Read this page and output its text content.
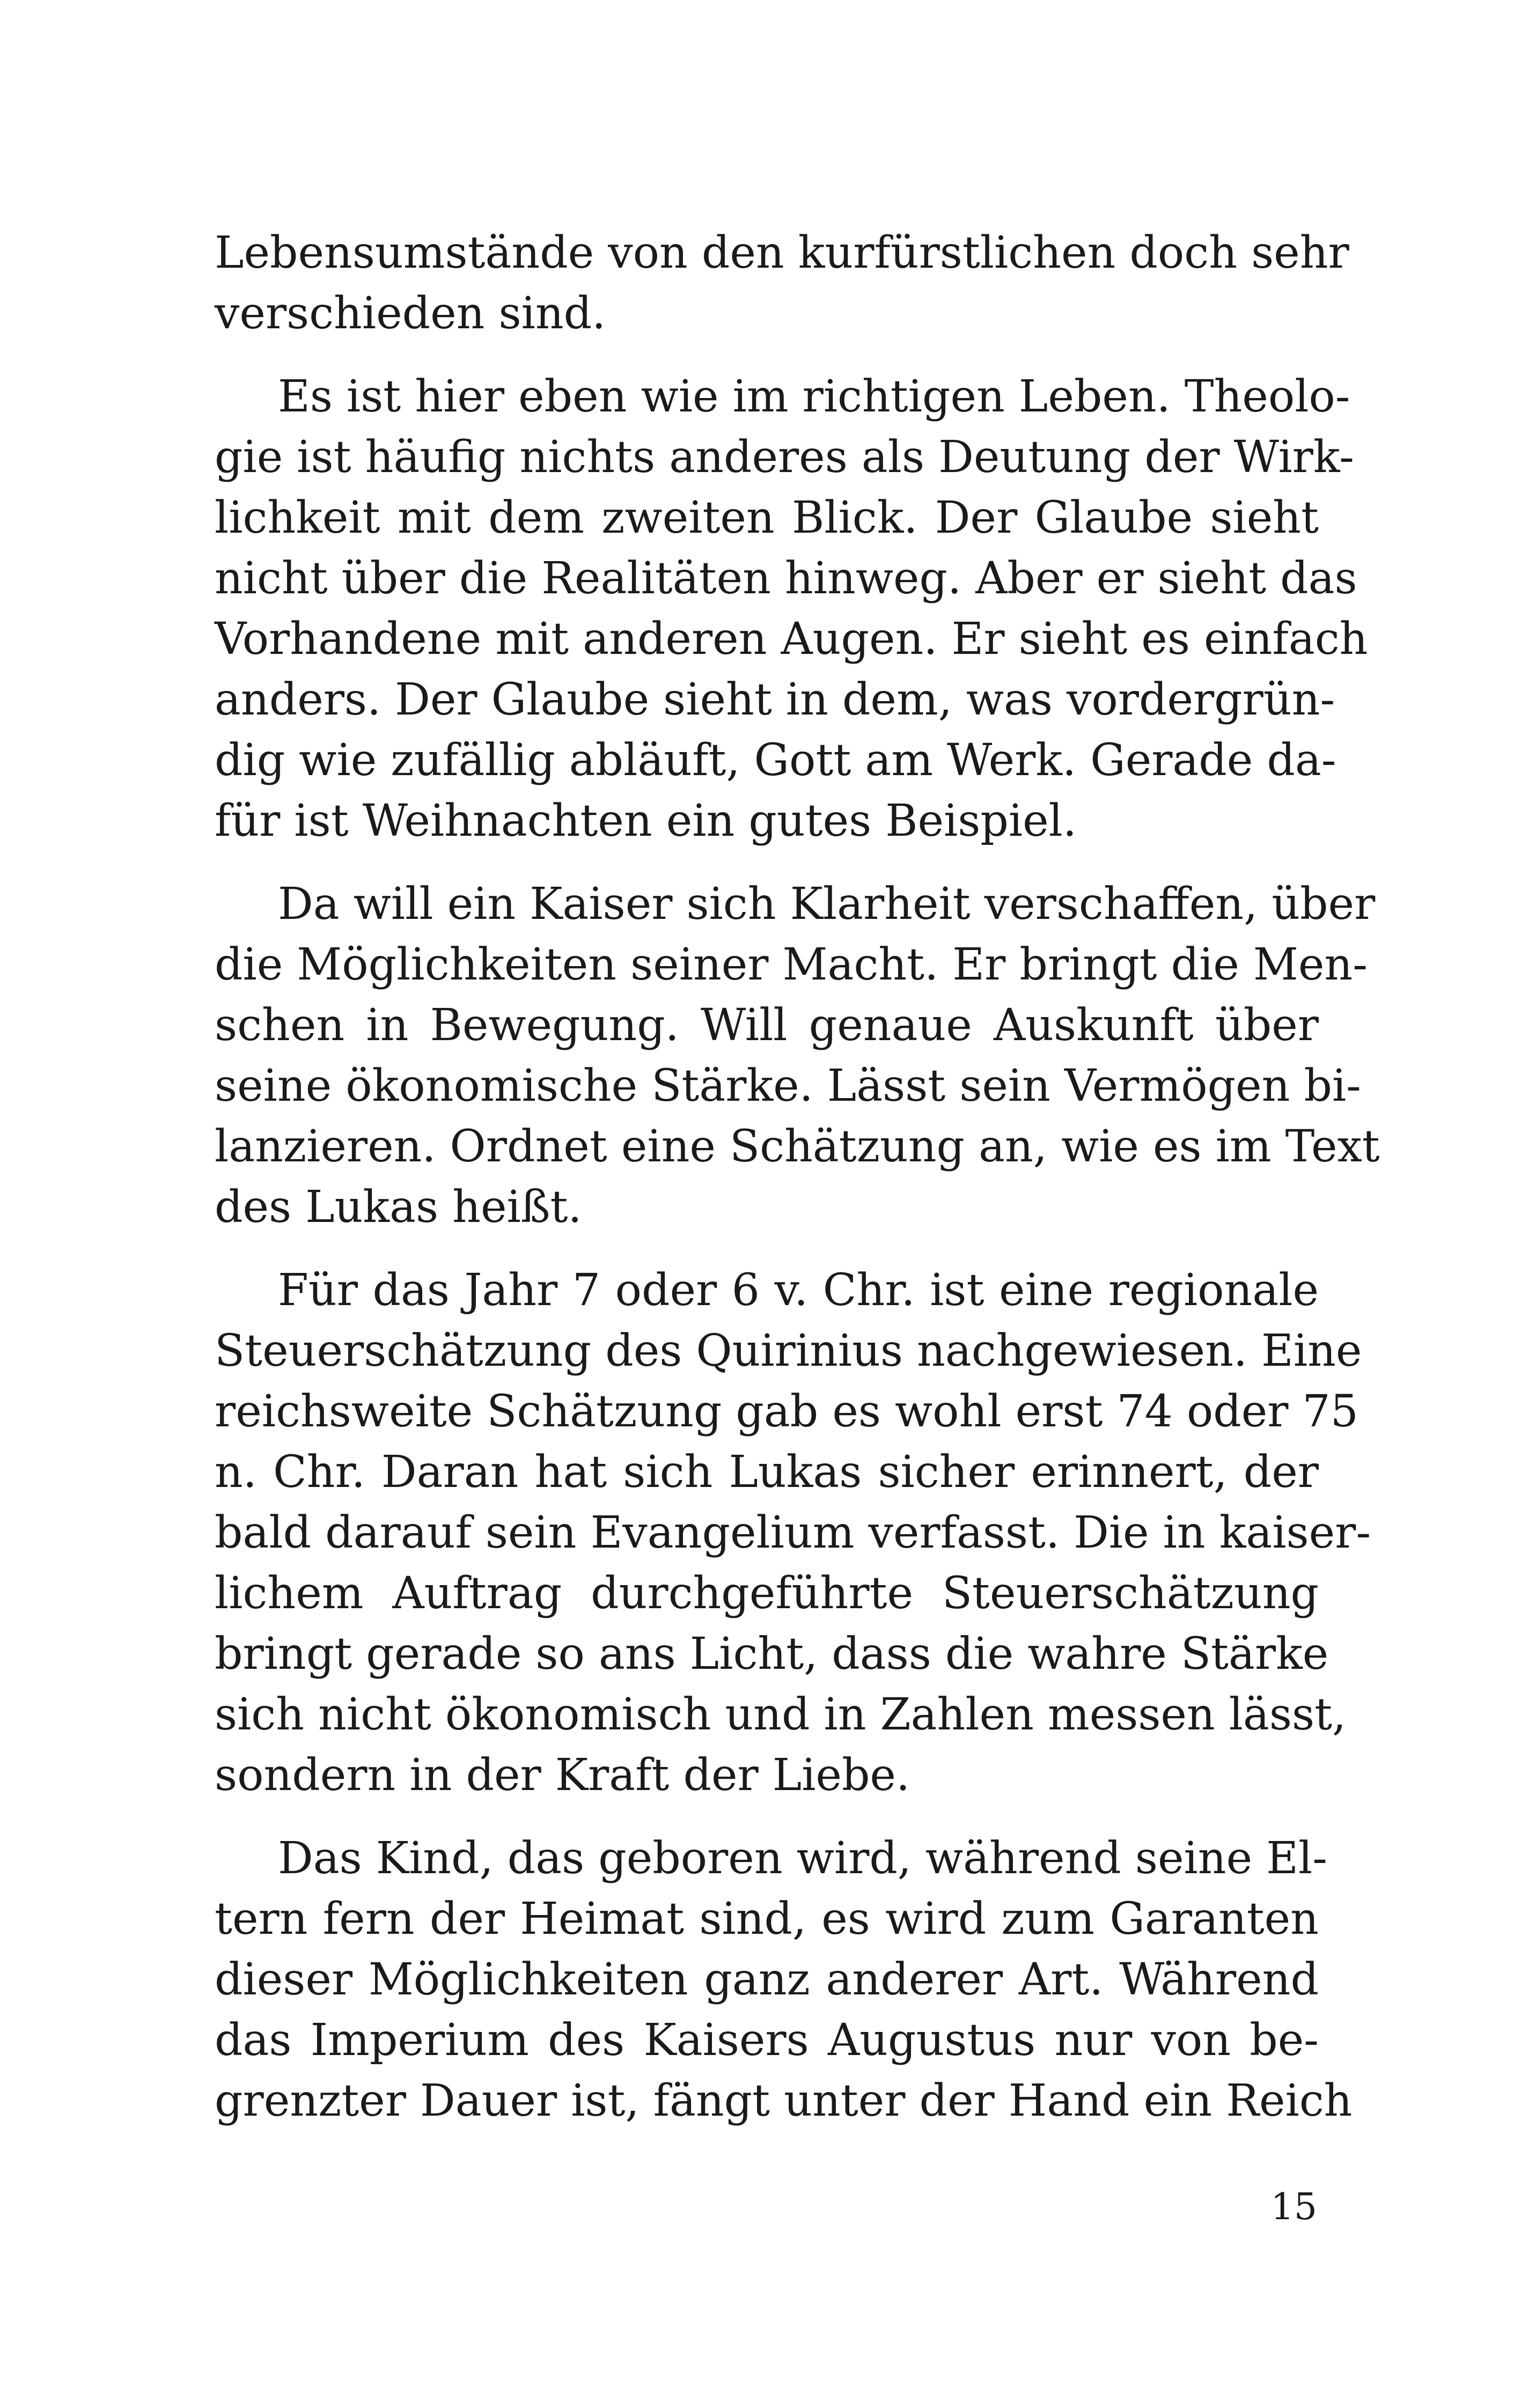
Lebensumstände von den kurfürstlichen doch sehr
verschieden sind.

Es ist hier eben wie im richtigen Leben. Theolo-
gie ist häufig nichts anderes als Deutung der Wirk-
lichkeit mit dem zweiten Blick. Der Glaube sieht
nicht über die Realitäten hinweg. Aber er sieht das
Vorhandene mit anderen Augen. Er sieht es einfach
anders. Der Glaube sieht in dem, was vordergrün-
dig wie zufällig abläuft, Gott am Werk. Gerade da-
für ist Weihnachten ein gutes Beispiel.

Da will ein Kaiser sich Klarheit verschaffen, über
die Möglichkeiten seiner Macht. Er bringt die Men-
schen in Bewegung. Will genaue Auskunft über
seine ökonomische Stärke. Lässt sein Vermögen bi-
lanzieren. Ordnet eine Schätzung an, wie es im Text
des Lukas heißt.

Für das Jahr 7 oder 6 v. Chr. ist eine regionale
Steuerschätzung des Quirinius nachgewiesen. Eine
reichsweite Schätzung gab es wohl erst 74 oder 75
n. Chr. Daran hat sich Lukas sicher erinnert, der
bald darauf sein Evangelium verfasst. Die in kaiser-
lichem Auftrag durchgeführte Steuerschätzung
bringt gerade so ans Licht, dass die wahre Stärke
sich nicht ökonomisch und in Zahlen messen lässt,
sondern in der Kraft der Liebe.

Das Kind, das geboren wird, während seine El-
tern fern der Heimat sind, es wird zum Garanten
dieser Möglichkeiten ganz anderer Art. Während
das Imperium des Kaisers Augustus nur von be-
grenzter Dauer ist, fängt unter der Hand ein Reich

15
